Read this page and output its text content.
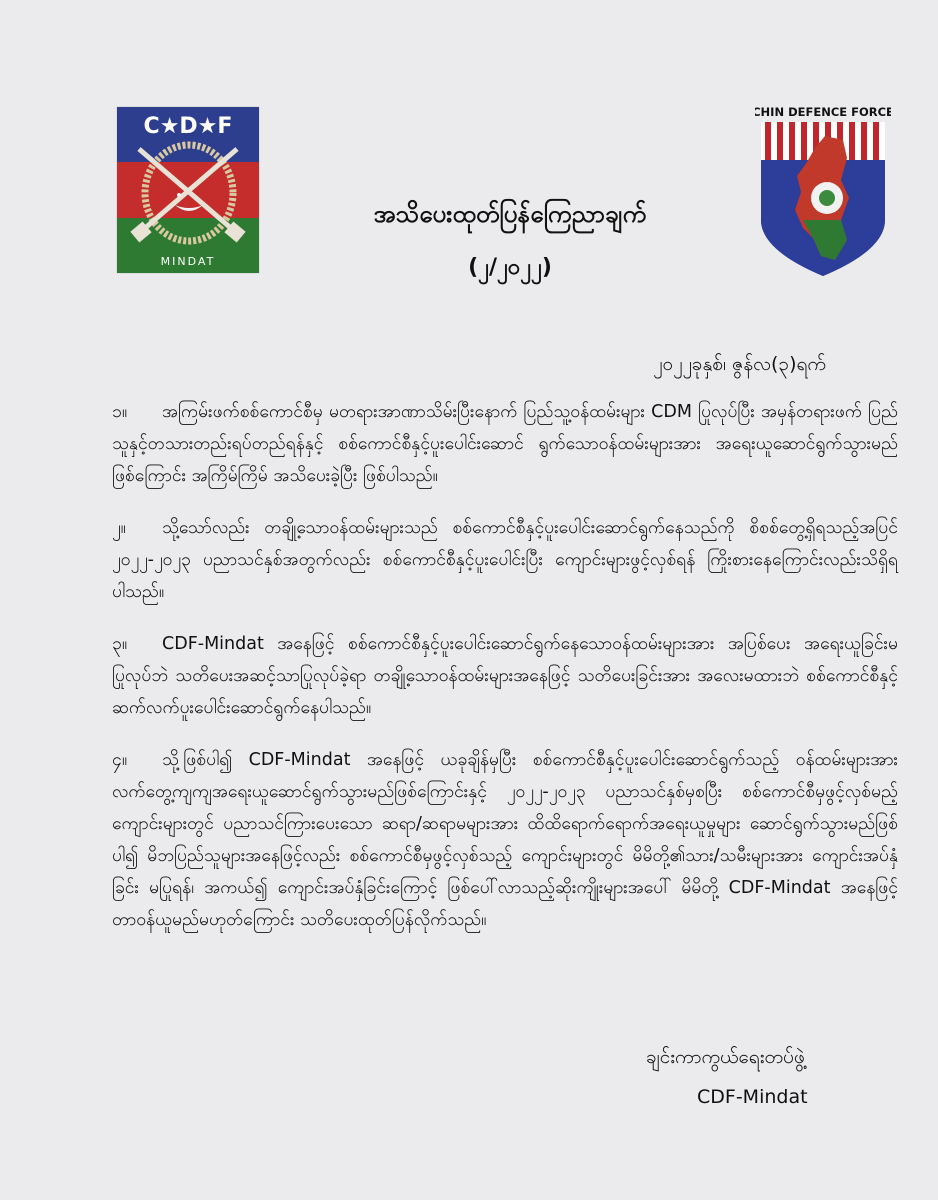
C★D★F
MINDAT
CHIN DEFENCE FORCE
အသိပေးထုတ်ပြန်ကြေညာချက်
(၂/၂၀၂၂)
၂၀၂၂ခုနှစ်၊ ဇွန်လ(၃)ရက်
၁။ အကြမ်းဖက်စစ်ကောင်စီမှ မတရားအာဏာသိမ်းပြီးနောက် ပြည်သူ့ဝန်ထမ်းများ CDM ပြုလုပ်ပြီး အမှန်တရားဖက် ပြည်သူနှင့်တသားတည်းရပ်တည်ရန်နှင့် စစ်ကောင်စီနှင့်ပူးပေါင်းဆောင် ရွက်သောဝန်ထမ်းများအား အရေးယူဆောင်ရွက်သွားမည်ဖြစ်ကြောင်း အကြိမ်ကြိမ် အသိပေးခဲ့ပြီး ဖြစ်ပါသည်။
၂။ သို့သော်လည်း တချို့သောဝန်ထမ်းများသည် စစ်ကောင်စီနှင့်ပူးပေါင်းဆောင်ရွက်နေသည်ကို စိစစ်တွေ့ရှိရသည့်အပြင် ၂၀၂၂-၂၀၂၃ ပညာသင်နှစ်အတွက်လည်း စစ်ကောင်စီနှင့်ပူးပေါင်းပြီး ကျောင်းများဖွင့်လှစ်ရန် ကြိုးစားနေကြောင်းလည်းသိရှိရပါသည်။
၃။ CDF-Mindat အနေဖြင့် စစ်ကောင်စီနှင့်ပူးပေါင်းဆောင်ရွက်နေသောဝန်ထမ်းများအား အပြစ်ပေး အရေးယူခြင်းမပြုလုပ်ဘဲ သတိပေးအဆင့်သာပြုလုပ်ခဲ့ရာ တချို့သောဝန်ထမ်းများအနေဖြင့် သတိပေးခြင်းအား အလေးမထားဘဲ စစ်ကောင်စီနှင့်ဆက်လက်ပူးပေါင်းဆောင်ရွက်နေပါသည်။
၄။ သို့ဖြစ်ပါ၍ CDF-Mindat အနေဖြင့် ယခုချိန်မှပြီး စစ်ကောင်စီနှင့်ပူးပေါင်းဆောင်ရွက်သည့် ဝန်ထမ်းများအား လက်တွေ့ကျကျအရေးယူဆောင်ရွက်သွားမည်ဖြစ်ကြောင်းနှင့် ၂၀၂၂-၂၀၂၃ ပညာသင်နှစ်မှစပြီး စစ်ကောင်စီမှဖွင့်လှစ်မည့် ကျောင်းများတွင် ပညာသင်ကြားပေးသော ဆရာ/ဆရာမများအား ထိထိရောက်ရောက်အရေးယူမှုများ ဆောင်ရွက်သွားမည်ဖြစ်ပါ၍ မိဘပြည်သူများအနေဖြင့်လည်း စစ်ကောင်စီမှဖွင့်လှစ်သည့် ကျောင်းများတွင် မိမိတို့၏သား/သမီးများအား ကျောင်းအပ်နှံခြင်း မပြုရန်၊ အကယ်၍ ကျောင်းအပ်နှံခြင်းကြောင့် ဖြစ်ပေါ်လာသည့်ဆိုးကျိုးများအပေါ် မိမိတို့ CDF-Mindat အနေဖြင့် တာဝန်ယူမည်မဟုတ်ကြောင်း သတိပေးထုတ်ပြန်လိုက်သည်။
ချင်းကာကွယ်ရေးတပ်ဖွဲ့
CDF-Mindat
